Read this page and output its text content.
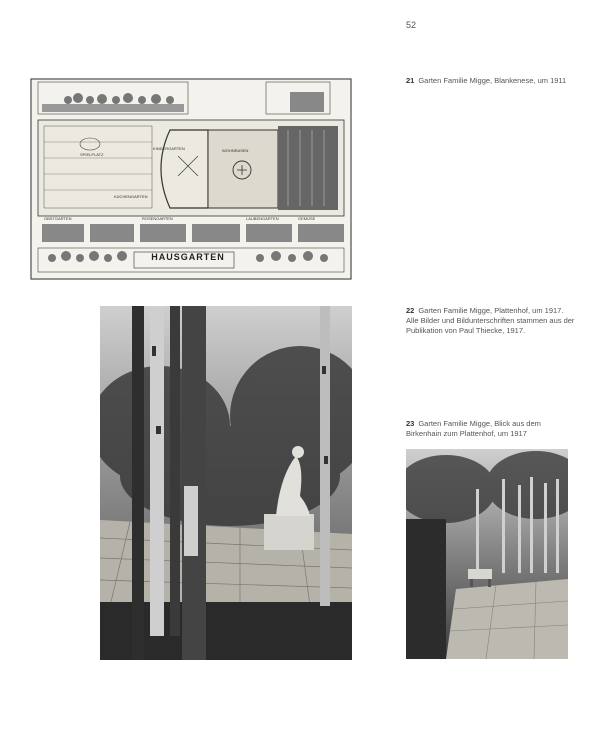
52
HAUSGARTEN
KINDERGARTEN
SPIELPLATZ
WOHNRASEN
KÜCHENGARTEN
OBSTGARTEN	LAUBENGARTEN
ROSENGARTEN	GEMÜSE
21 Garten Familie Migge, Blankenese, um 1911
22 Garten Familie Migge, Plattenhof, um 1917. Alle Bilder und Bildunterschriften stammen aus der Publikation von Paul Thiecke, 1917.
23 Garten Familie Migge, Blick aus dem Birkenhain zum Plattenhof, um 1917
